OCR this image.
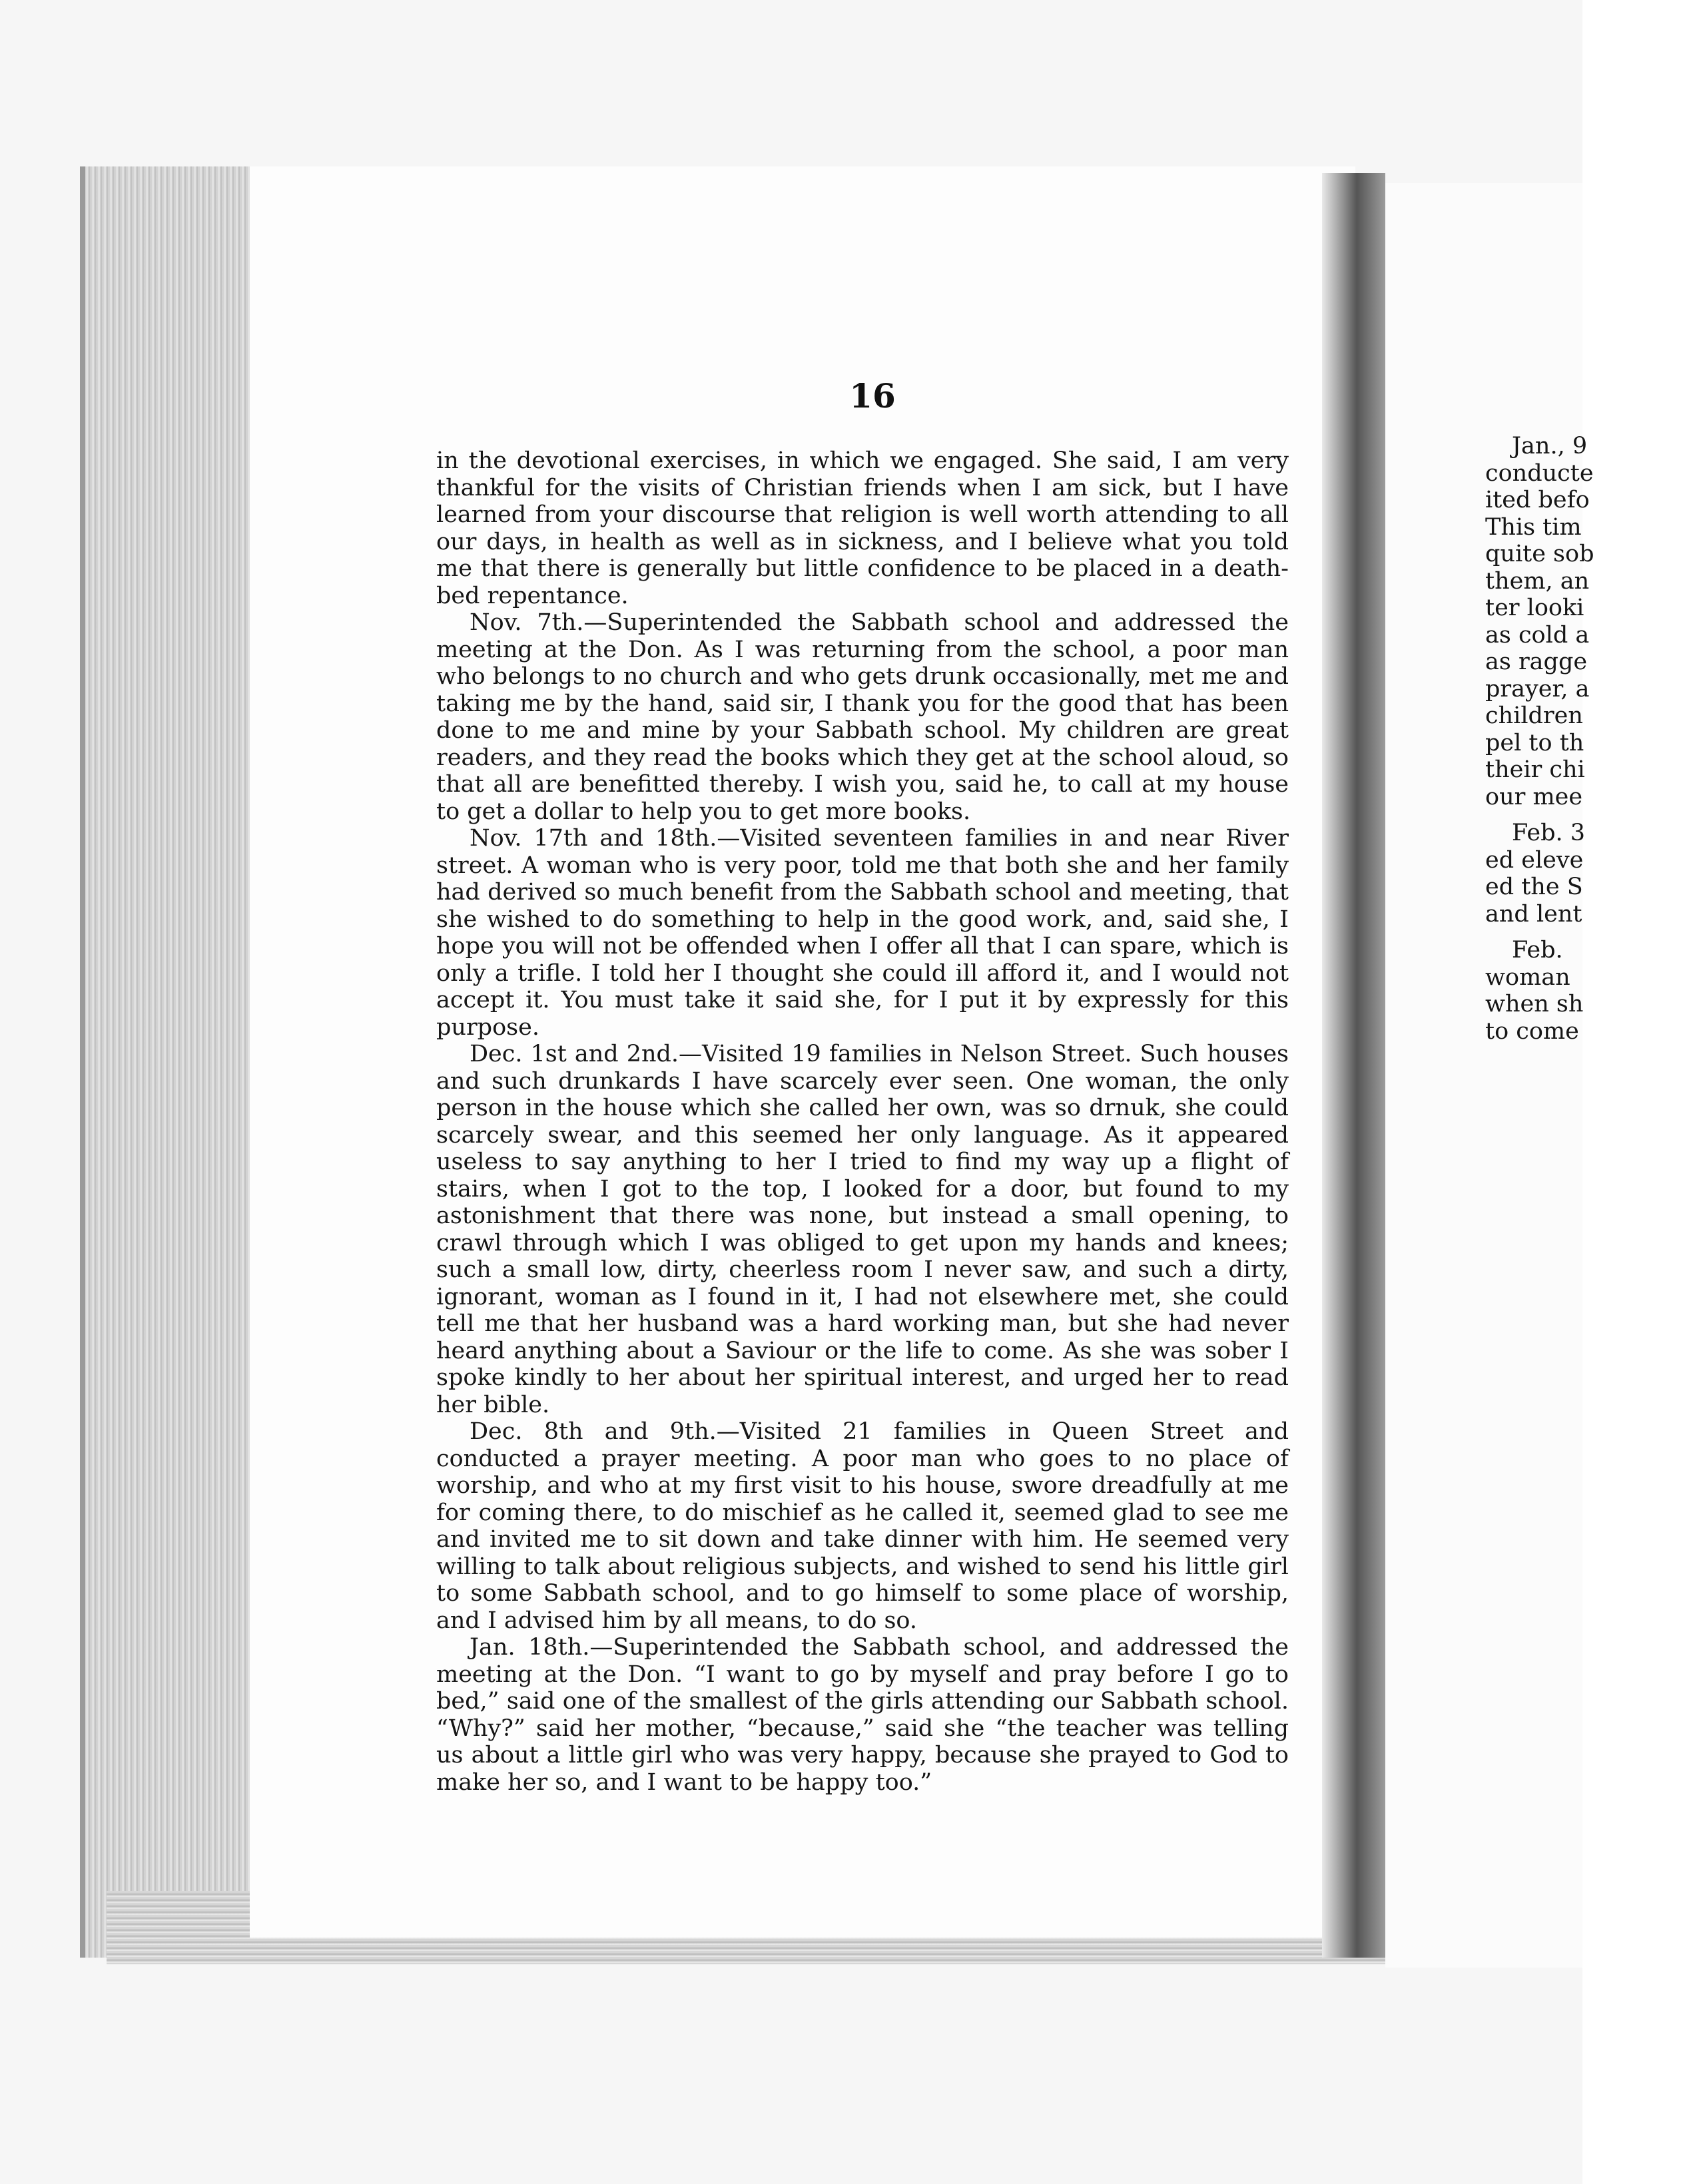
16

in the devotional exercises, in which we engaged. She said, I am very thankful for the visits of Christian friends when I am sick, but I have learned from your discourse that religion is well worth attending to all our days, in health as well as in sickness, and I believe what you told me that there is generally but little confidence to be placed in a death-bed repentance.

Nov. 7th.—Superintended the Sabbath school and addressed the meeting at the Don. As I was returning from the school, a poor man who belongs to no church and who gets drunk occasionally, met me and taking me by the hand, said sir, I thank you for the good that has been done to me and mine by your Sabbath school. My children are great readers, and they read the books which they get at the school aloud, so that all are benefitted thereby. I wish you, said he, to call at my house to get a dollar to help you to get more books.

Nov. 17th and 18th.—Visited seventeen families in and near River street. A woman who is very poor, told me that both she and her family had derived so much benefit from the Sabbath school and meeting, that she wished to do something to help in the good work, and, said she, I hope you will not be offended when I offer all that I can spare, which is only a trifle. I told her I thought she could ill afford it, and I would not accept it. You must take it said she, for I put it by expressly for this purpose.

Dec. 1st and 2nd.—Visited 19 families in Nelson Street. Such houses and such drunkards I have scarcely ever seen. One woman, the only person in the house which she called her own, was so drnuk, she could scarcely swear, and this seemed her only language. As it appeared useless to say anything to her I tried to find my way up a flight of stairs, when I got to the top, I looked for a door, but found to my astonishment that there was none, but instead a small opening, to crawl through which I was obliged to get upon my hands and knees; such a small low, dirty, cheerless room I never saw, and such a dirty, ignorant, woman as I found in it, I had not elsewhere met, she could tell me that her husband was a hard working man, but she had never heard anything about a Saviour or the life to come. As she was sober I spoke kindly to her about her spiritual interest, and urged her to read her bible.

Dec. 8th and 9th.—Visited 21 families in Queen Street and conducted a prayer meeting. A poor man who goes to no place of worship, and who at my first visit to his house, swore dreadfully at me for coming there, to do mischief as he called it, seemed glad to see me and invited me to sit down and take dinner with him. He seemed very willing to talk about religious subjects, and wished to send his little girl to some Sabbath school, and to go himself to some place of worship, and I advised him by all means, to do so.

Jan. 18th.—Superintended the Sabbath school, and addressed the meeting at the Don. “I want to go by myself and pray before I go to bed,” said one of the smallest of the girls attending our Sabbath school. “Why?” said her mother, “because,” said she “the teacher was telling us about a little girl who was very happy, because she prayed to God to make her so, and I want to be happy too.”

Jan., 9
conducte
ited befo
This tim
quite sob
them, an
ter looki
as cold a
as ragge
prayer, a
children
pel to th
their chi
our mee
Feb. 3
ed eleve
ed the S
and lent
Feb.
woman
when sh
to come
